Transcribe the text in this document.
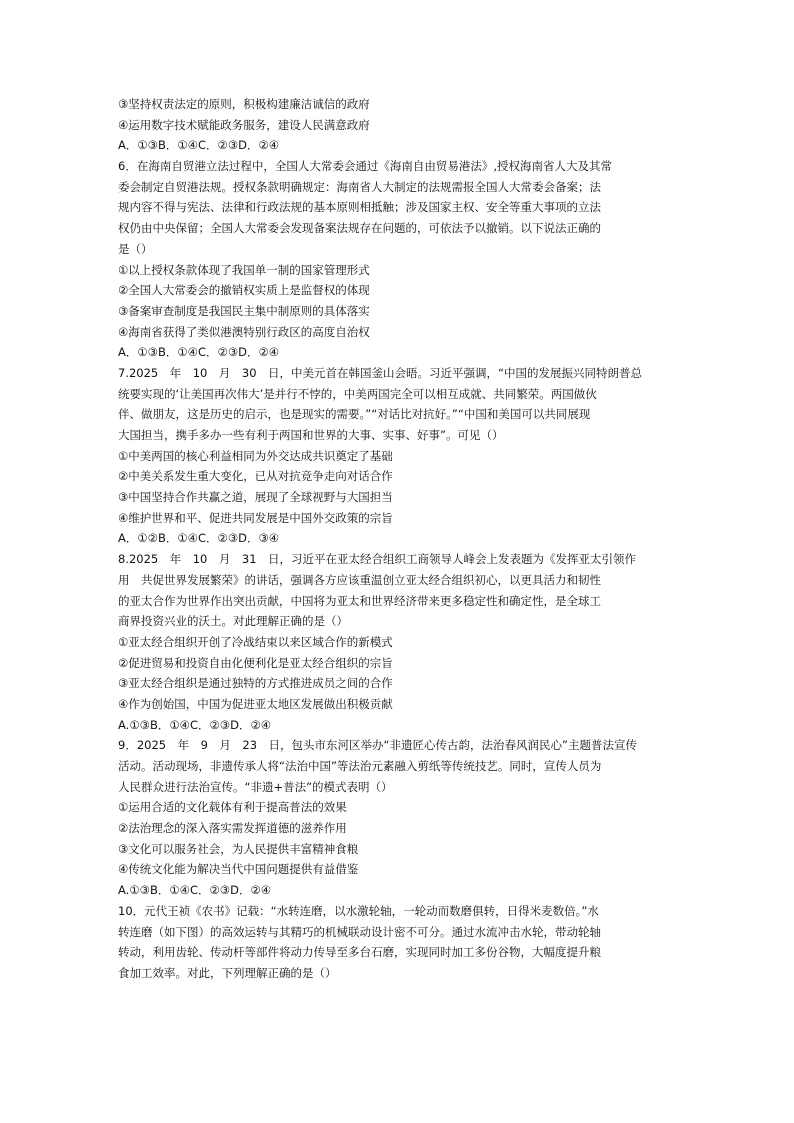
③坚持权责法定的原则，积极构建廉洁诚信的政府
④运用数字技术赋能政务服务，建设人民满意政府
A．①③B．①④C．②③D．②④
6．在海南自贸港立法过程中，全国人大常委会通过《海南自由贸易港法》,授权海南省人大及其常
委会制定自贸港法规。授权条款明确规定：海南省人大制定的法规需报全国人大常委会备案；法
规内容不得与宪法、法律和行政法规的基本原则相抵触；涉及国家主权、安全等重大事项的立法
权仍由中央保留；全国人大常委会发现备案法规存在问题的，可依法予以撤销。以下说法正确的
是（）
①以上授权条款体现了我国单一制的国家管理形式
②全国人大常委会的撤销权实质上是监督权的体现
③备案审查制度是我国民主集中制原则的具体落实
④海南省获得了类似港澳特别行政区的高度自治权
A．①③B．①④C．②③D．②④
7.2025　年　10　月　30　日，中美元首在韩国釜山会晤。习近平强调，“中国的发展振兴同特朗普总
统要实现的‘让美国再次伟大’是并行不悖的，中美两国完全可以相互成就、共同繁荣。两国做伙
伴、做朋友，这是历史的启示，也是现实的需要。”“对话比对抗好。”“中国和美国可以共同展现
大国担当，携手多办一些有利于两国和世界的大事、实事、好事”。可见（）
①中美两国的核心利益相同为外交达成共识奠定了基础
②中美关系发生重大变化，已从对抗竞争走向对话合作
③中国坚持合作共赢之道，展现了全球视野与大国担当
④维护世界和平、促进共同发展是中国外交政策的宗旨
A．①②B．①④C．②③D．③④
8.2025　年　10　月　31　日，习近平在亚太经合组织工商领导人峰会上发表题为《发挥亚太引领作
用　共促世界发展繁荣》的讲话，强调各方应该重温创立亚太经合组织初心，以更具活力和韧性
的亚太合作为世界作出突出贡献，中国将为亚太和世界经济带来更多稳定性和确定性，是全球工
商界投资兴业的沃土。对此理解正确的是（）
①亚太经合组织开创了冷战结束以来区域合作的新模式
②促进贸易和投资自由化便利化是亚太经合组织的宗旨
③亚太经合组织是通过独特的方式推进成员之间的合作
④作为创始国，中国为促进亚太地区发展做出积极贡献
A.①③B．①④C．②③D．②④
9．2025　年　9　月　23　日，包头市东河区举办“非遗匠心传古韵，法治春风润民心”主题普法宣传
活动。活动现场，非遗传承人将“法治中国”等法治元素融入剪纸等传统技艺。同时，宣传人员为
人民群众进行法治宣传。“非遗+普法”的模式表明（）
①运用合适的文化载体有利于提高普法的效果
②法治理念的深入落实需发挥道德的滋养作用
③文化可以服务社会，为人民提供丰富精神食粮
④传统文化能为解决当代中国问题提供有益借鉴
A.①③B．①④C．②③D．②④
10．元代王祯《农书》记载：“水转连磨，以水激轮轴，一轮动而数磨俱转，日得米麦数倍。”水
转连磨（如下图）的高效运转与其精巧的机械联动设计密不可分。通过水流冲击水轮，带动轮轴
转动，利用齿轮、传动杆等部件将动力传导至多台石磨，实现同时加工多份谷物，大幅度提升粮
食加工效率。对此，下列理解正确的是（）
